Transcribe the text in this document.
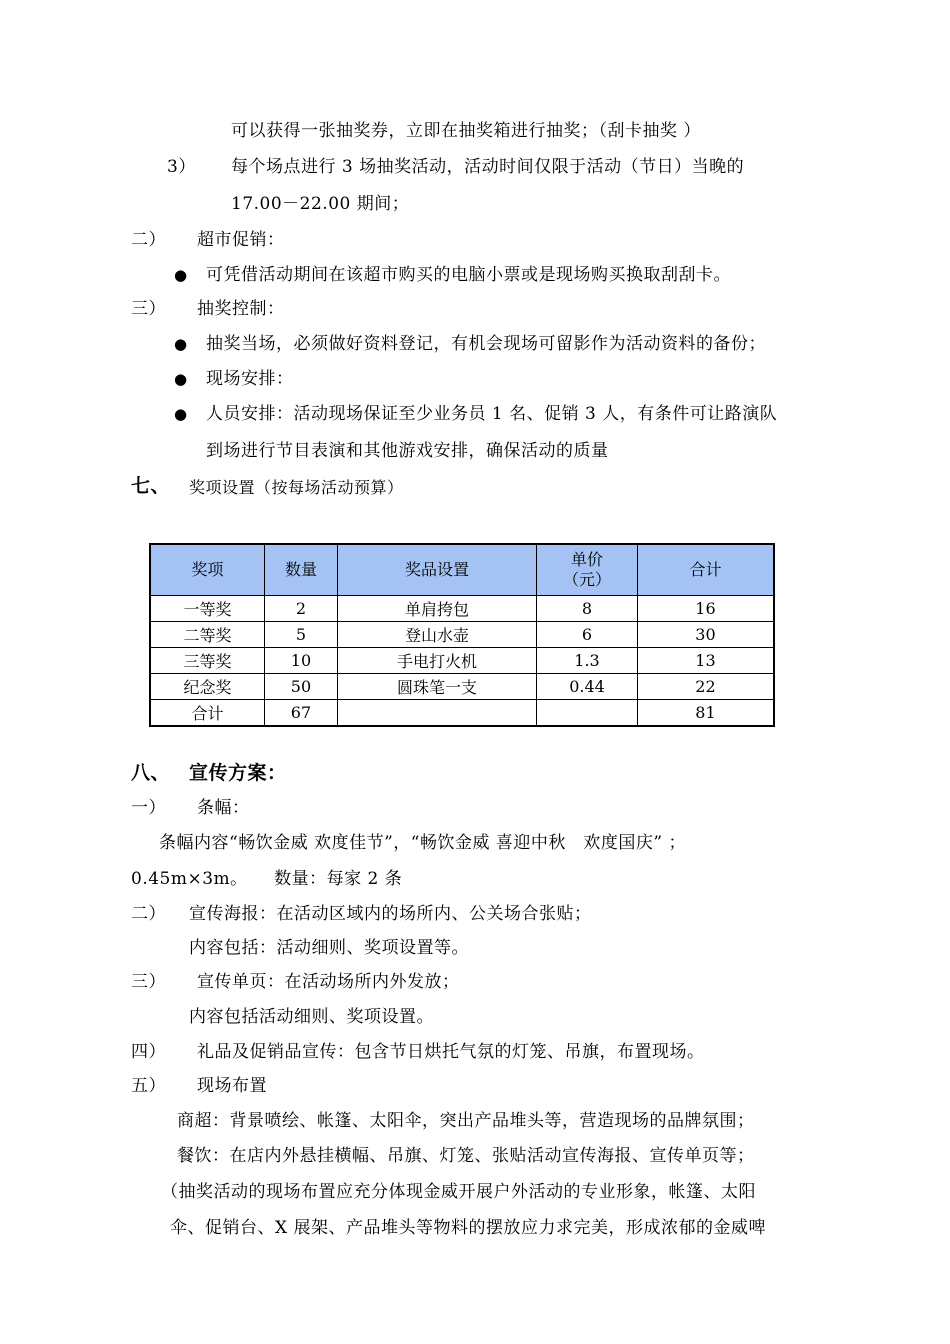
可以获得一张抽奖券，立即在抽奖箱进行抽奖；（刮卡抽奖 ）
3） 每个场点进行 3 场抽奖活动，活动时间仅限于活动（节日）当晚的
17.00－22.00 期间；
二） 超市促销：
● 可凭借活动期间在该超市购买的电脑小票或是现场购买换取刮刮卡。
三） 抽奖控制：
● 抽奖当场，必须做好资料登记，有机会现场可留影作为活动资料的备份；
● 现场安排：
● 人员安排：活动现场保证至少业务员 1 名、促销 3 人，有条件可让路演队
到场进行节目表演和其他游戏安排，确保活动的质量
七、 奖项设置（按每场活动预算）
奖项	数量	奖品设置	单价（元）	合计
一等奖	2	单肩挎包	8	16
二等奖	5	登山水壶	6	30
三等奖	10	手电打火机	1.3	13
纪念奖	50	圆珠笔一支	0.44	22
合计	67			81
八、 宣传方案：
一） 条幅：
条幅内容“畅饮金威 欢度佳节”，“畅饮金威 喜迎中秋　欢度国庆” ；
0.45m×3m。　　数量：每家 2 条
二） 宣传海报：在活动区域内的场所内、公关场合张贴；
内容包括：活动细则、奖项设置等。
三） 宣传单页：在活动场所内外发放；
内容包括活动细则、奖项设置。
四） 礼品及促销品宣传：包含节日烘托气氛的灯笼、吊旗，布置现场。
五） 现场布置
商超：背景喷绘、帐篷、太阳伞，突出产品堆头等，营造现场的品牌氛围；
餐饮：在店内外悬挂横幅、吊旗、灯笼、张贴活动宣传海报、宣传单页等；
（抽奖活动的现场布置应充分体现金威开展户外活动的专业形象，帐篷、太阳
伞、促销台、X 展架、产品堆头等物料的摆放应力求完美，形成浓郁的金威啤
